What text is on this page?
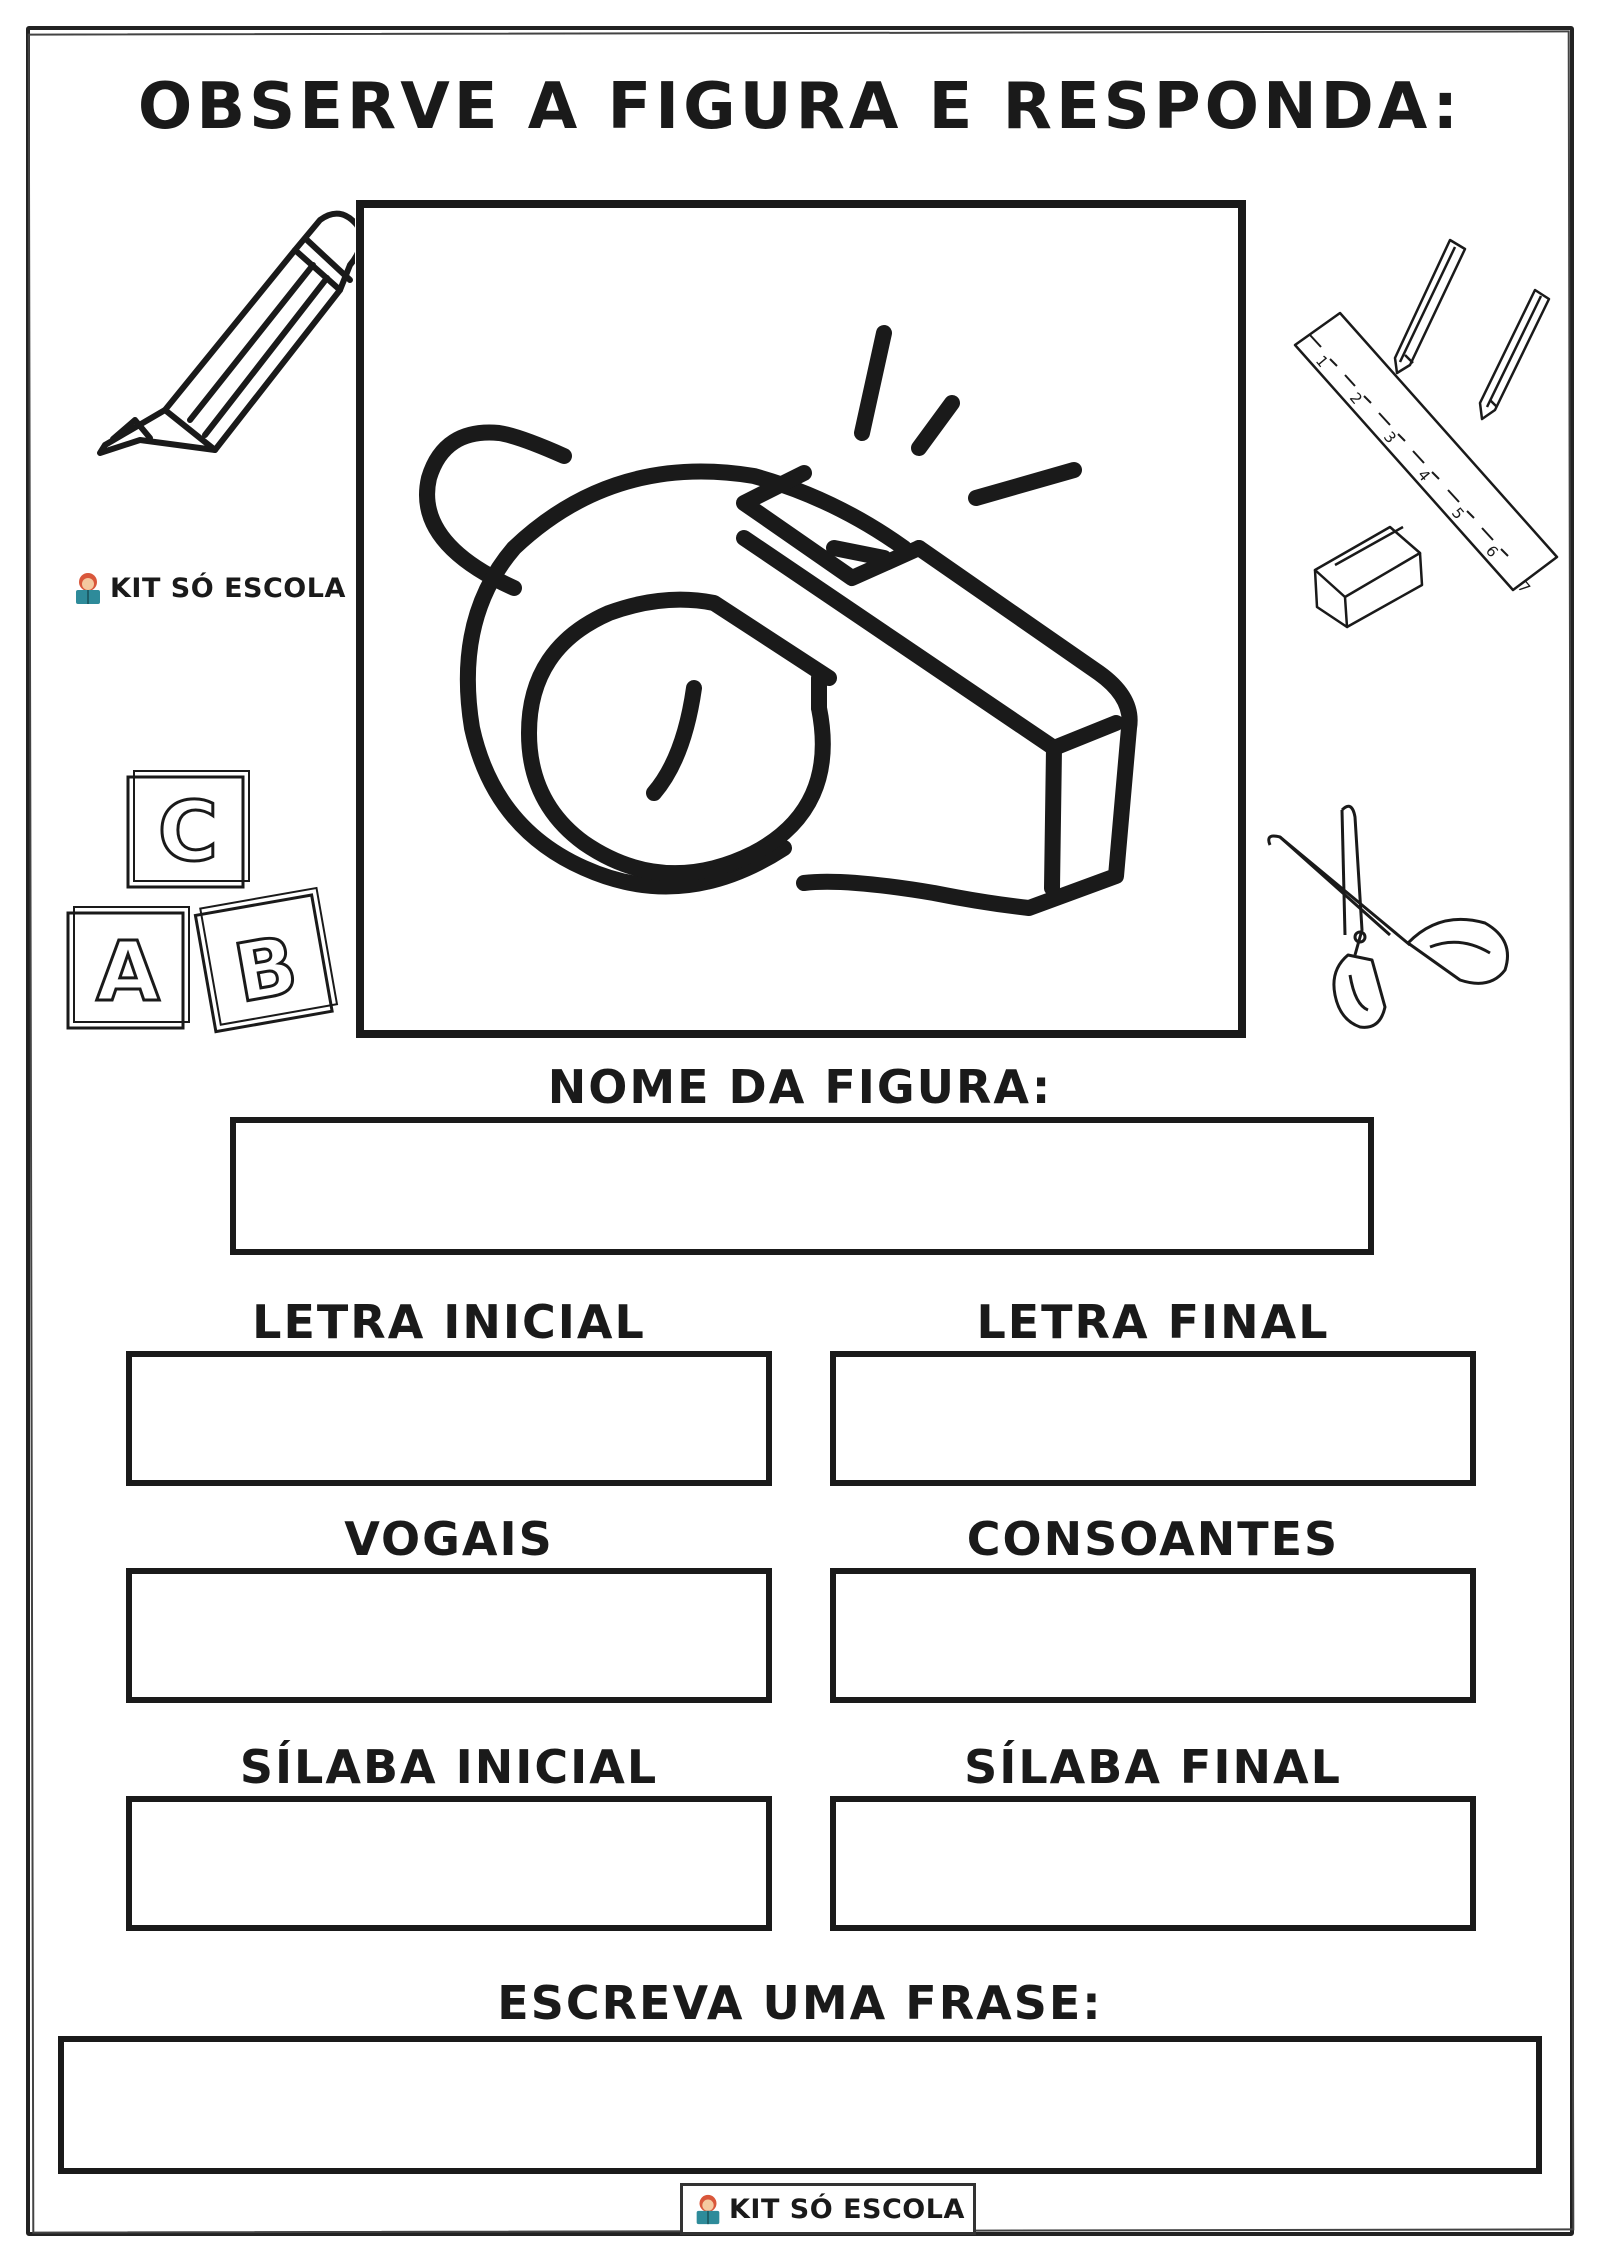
OBSERVE A FIGURA E RESPONDA:
KIT SÓ ESCOLA
C
A B
1
2
3
4
5
6
7
NOME DA FIGURA:
LETRA INICIAL	LETRA FINAL
VOGAIS	CONSOANTES
SÍLABA INICIAL	SÍLABA FINAL
ESCREVA UMA FRASE:
KIT SÓ ESCOLA
